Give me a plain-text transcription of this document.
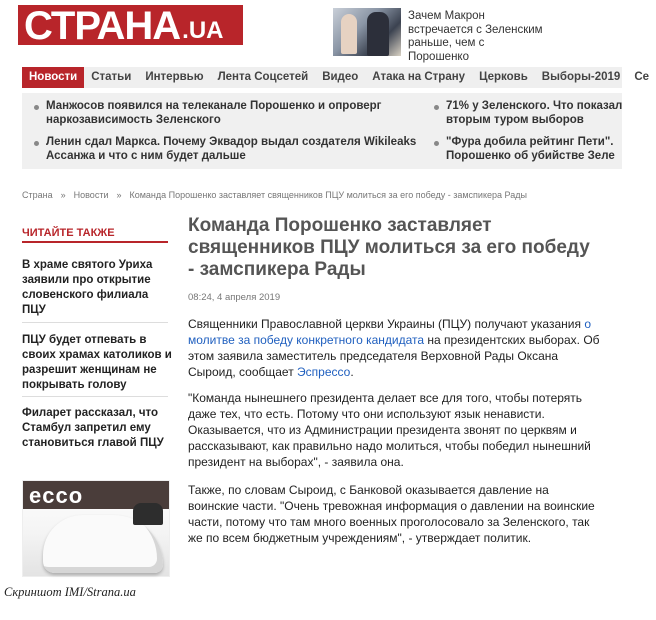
СТРАНА .UA
Зачем Макрон встречается с Зеленским раньше, чем с Порошенко
Новости	Статьи	Интервью	Лента Соцсетей	Видео	Атака на Страну	Церковь	Выборы-2019	Се
Манжосов появился на телеканале Порошенко и опроверг наркозависимость Зеленского
71% у Зеленского. Что показал вторым туром выборов
Ленин сдал Маркса. Почему Эквадор выдал создателя Wikileaks Ассанжа и что с ним будет дальше
"Фура добила рейтинг Пети". Порошенко об убийстве Зеле
Страна » Новости » Команда Порошенко заставляет священников ПЦУ молиться за его победу - замспикера Рады
ЧИТАЙТЕ ТАКЖЕ
В храме святого Уриха заявили про открытие словенского филиала ПЦУ
ПЦУ будет отпевать в своих храмах католиков и разрешит женщинам не покрывать голову
Филарет рассказал, что Стамбул запретил ему становиться главой ПЦУ
ecco
Команда Порошенко заставляет священников ПЦУ молиться за его победу - замспикера Рады
08:24, 4 апреля 2019
Священники Православной церкви Украины (ПЦУ) получают указания о молитве за победу конкретного кандидата на президентских выборах. Об этом заявила заместитель председателя Верховной Рады Оксана Сыроид, сообщает Эспрессо.
"Команда нынешнего президента делает все для того, чтобы потерять даже тех, что есть. Потому что они используют язык ненависти. Оказывается, что из Администрации президента звонят по церквям и рассказывают, как правильно надо молиться, чтобы победил нынешний президент на выборах", - заявила она.
Также, по словам Сыроид, с Банковой оказывается давление на воинские части. "Очень тревожная информация о давлении на воинские части, потому что там много военных проголосовало за Зеленского, так же по всем бюджетным учреждениям", - утверждает политик.
Скриншот IMI/Strana.ua
